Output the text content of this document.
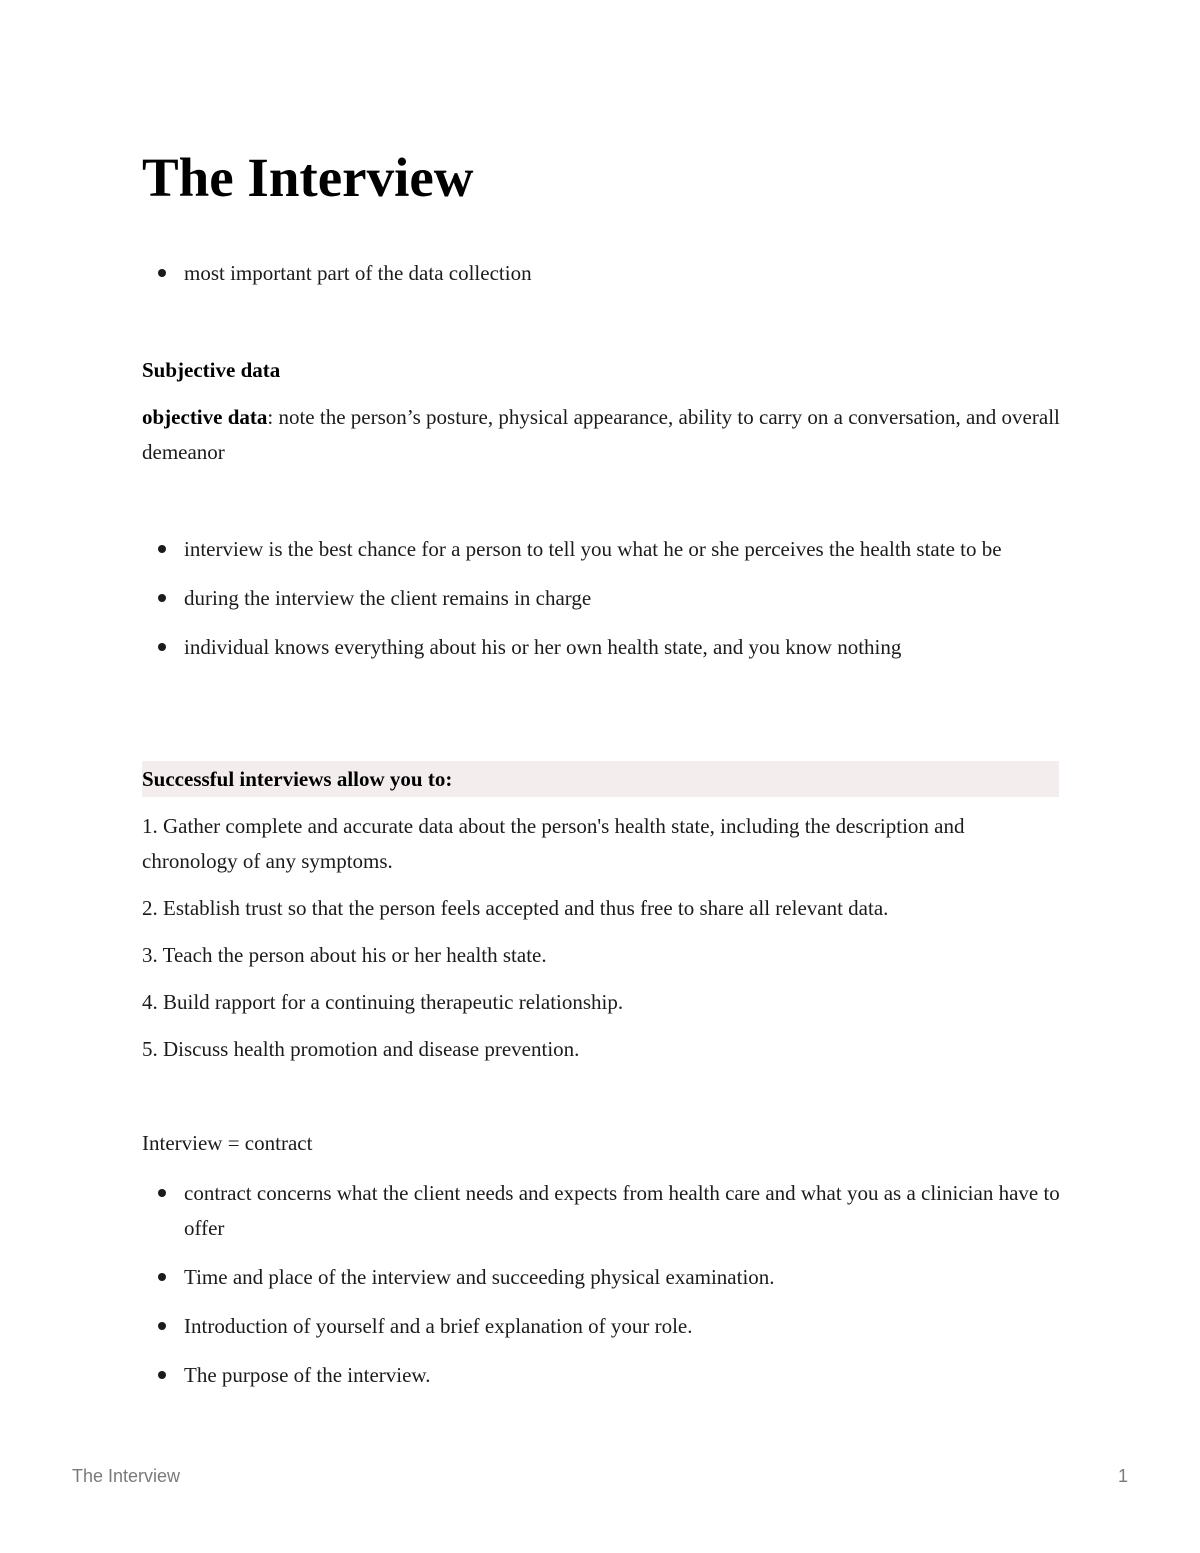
The Interview
most important part of the data collection

Subjective data

objective data: note the person’s posture, physical appearance, ability to carry on a conversation, and overall demeanor

interview is the best chance for a person to tell you what he or she perceives the health state to be
during the interview the client remains in charge
individual knows everything about his or her own health state, and you know nothing
Successful interviews allow you to:
1. Gather complete and accurate data about the person's health state, including the description and chronology of any symptoms.
2. Establish trust so that the person feels accepted and thus free to share all relevant data.
3. Teach the person about his or her health state.
4. Build rapport for a continuing therapeutic relationship.
5. Discuss health promotion and disease prevention.

Interview = contract

contract concerns what the client needs and expects from health care and what you as a clinician have to offer
Time and place of the interview and succeeding physical examination.
Introduction of yourself and a brief explanation of your role.
The purpose of the interview.
The Interview	1
